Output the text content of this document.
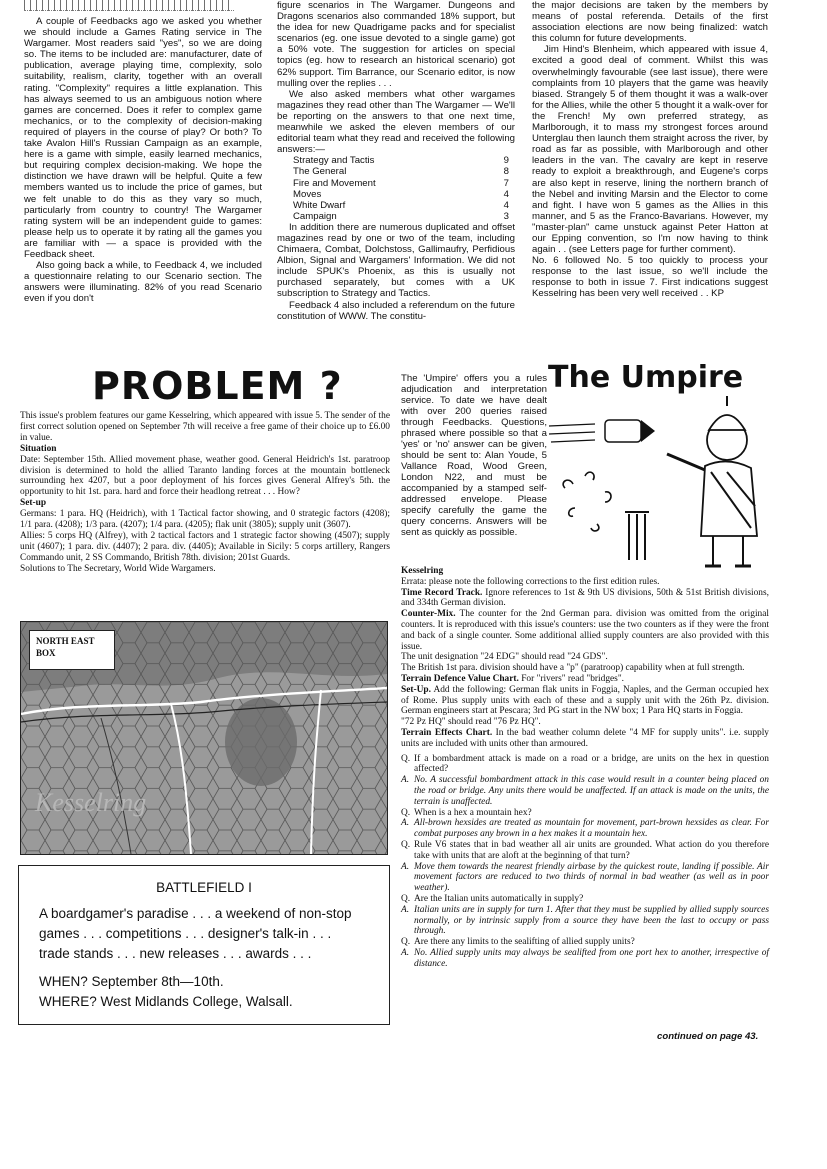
A couple of Feedbacks ago we asked you whether we should include a Games Rating service in The Wargamer. Most readers said "yes", so we are doing so. The items to be included are: manufacturer, date of publication, average playing time, complexity, solo suitability, realism, clarity, together with an overall rating. "Complexity" requires a little explanation. This has always seemed to us an ambiguous notion where games are concerned. Does it refer to complex game mechanics, or to the complexity of decision-making required of players in the course of play? Or both? To take Avalon Hill's Russian Campaign as an example, here is a game with simple, easily learned mechanics, but requiring complex decision-making. We hope the distinction we have drawn will be helpful. Quite a few members wanted us to include the price of games, but we felt unable to do this as they vary so much, particularly from country to country! The Wargamer rating system will be an independent guide to games: please help us to operate it by rating all the games you are familiar with — a space is provided with the Feedback sheet.

Also going back a while, to Feedback 4, we included a questionnaire relating to our Scenario section. The answers were illuminating. 82% of you read Scenario even if you don't

figure scenarios in The Wargamer. Dungeons and Dragons scenarios also commanded 18% support, but the idea for new Quadrigame packs and for specialist scenarios (eg. one issue devoted to a single game) got a 50% vote. The suggestion for articles on special topics (eg. how to research an historical scenario) got 62% support. Tim Barrance, our Scenario editor, is now mulling over the replies . . .

We also asked members what other wargames magazines they read other than The Wargamer — We'll be reporting on the answers to that one next time, meanwhile we asked the eleven members of our editorial team what they read and received the following answers:—

Strategy and Tactis	9
The General	8
Fire and Movement	7
Moves	4
White Dwarf	4
Campaign	3

In addition there are numerous duplicated and offset magazines read by one or two of the team, including Chimaera, Combat, Dolchstoss, Gallimaufry, Perfidious Albion, Signal and Wargamers' Information. We did not include SPUK's Phoenix, as this is usually not purchased separately, but comes with a UK subscription to Strategy and Tactics.

Feedback 4 also included a referendum on the future constitution of WWW. The constitu-

the major decisions are taken by the members by means of postal referenda. Details of the first association elections are now being finalized: watch this column for future developments.

Jim Hind's Blenheim, which appeared with issue 4, excited a good deal of comment. Whilst this was overwhelmingly favourable (see last issue), there were complaints from 10 players that the game was heavily biased. Strangely 5 of them thought it was a walk-over for the Allies, while the other 5 thought it a walk-over for the French! My own preferred strategy, as Marlborough, it to mass my strongest forces around Unterglau then launch them straight across the river, by road as far as possible, with Marlborough and other leaders in the van. The cavalry are kept in reserve ready to exploit a breakthrough, and Eugene's corps are also kept in reserve, lining the northern branch of the Nebel and inviting Marsin and the Elector to come and fight. I have won 5 games as the Allies in this manner, and 5 as the Franco-Bavarians. However, my "master-plan" came unstuck against Peter Hatton at our Epping convention, so I'm now having to think again . . (see Letters page for further comment).

No. 6 followed No. 5 too quickly to process your response to the last issue, so we'll include the response to both in issue 7. First indications suggest Kesselring has been very well received . . KP

PROBLEM ?

This issue's problem features our game Kesselring, which appeared with issue 5. The sender of the first correct solution opened on September 7th will receive a free game of their choice up to £6.00 in value.

Situation

Date: September 15th. Allied movement phase, weather good. General Heidrich's 1st. paratroop division is determined to hold the allied Taranto landing forces at the mountain bottleneck surrounding hex 4207, but a poor deployment of his forces gives General Alfrey's 5th. the opportunity to hit 1st. para. hard and force their headlong retreat . . . How?

Set-up

Germans: 1 para. HQ (Heidrich), with 1 Tactical factor showing, and 0 strategic factors (4208); 1/1 para. (4208); 1/3 para. (4207); 1/4 para. (4205); flak unit (3805); supply unit (3607).

Allies: 5 corps HQ (Alfrey), with 2 tactical factors and 1 strategic factor showing (4507); supply unit (4607); 1 para. div. (4407); 2 para. div. (4405); Available in Sicily: 5 corps artillery, Rangers Commando unit, 2 SS Commando, British 78th. division; 201st Guards.

Solutions to The Secretary, World Wide Wargamers.

NORTH EAST BOX
Kesselring
BATTLEFIELD I
A boardgamer's paradise . . . a weekend of non-stop
games . . . competitions . . . designer's talk-in . . .
trade stands . . . new releases . . . awards . . .
WHEN? September 8th—10th.
WHERE? West Midlands College, Walsall.
The 'Umpire' offers you a rules adjudication and interpretation service. To date we have dealt with over 200 queries raised through Feedbacks. Questions, phrased where possible so that a 'yes' or 'no' answer can be given, should be sent to: Alan Youde, 5 Vallance Road, Wood Green, London N22, and must be accompanied by a stamped self-addressed envelope. Please specify carefully the game the query concerns. Answers will be sent as quickly as possible.
The Umpire

Kesselring

Errata: please note the following corrections to the first edition rules.

Time Record Track. Ignore references to 1st & 9th US divisions, 50th & 51st British divisions, and 334th German division.

Counter-Mix. The counter for the 2nd German para. division was omitted from the original counters. It is reproduced with this issue's counters: use the two counters as if they were the front and back of a single counter. Some additional allied supply counters are also provided with this issue.

The unit designation "24 EDG" should read "24 GDS".

The British 1st para. division should have a "p" (paratroop) capability when at full strength.

Terrain Defence Value Chart. For "rivers" read "bridges".

Set-Up. Add the following: German flak units in Foggia, Naples, and the German occupied hex of Rome. Plus supply units with each of these and a supply unit with the 26th Pz. division. German engineers start at Pescara; 3rd PG start in the NW box; 1 Para HQ starts in Foggia.

"72 Pz HQ" should read "76 Pz HQ".

Terrain Effects Chart. In the bad weather column delete "4 MF for supply units". i.e. supply units are included with units other than armoured.

Q. If a bombardment attack is made on a road or a bridge, are units on the hex in question affected?
A. No. A successful bombardment attack in this case would result in a counter being placed on the road or bridge. Any units there would be unaffected. If an attack is made on the units, the terrain is unaffected.
Q. When is a hex a mountain hex?
A. All-brown hexsides are treated as mountain for movement, part-brown hexsides as clear. For combat purposes any brown in a hex makes it a mountain hex.
Q. Rule V6 states that in bad weather all air units are grounded. What action do you therefore take with units that are aloft at the beginning of that turn?
A. Move them towards the nearest friendly airbase by the quickest route, landing if possible. Air movement factors are reduced to two thirds of normal in bad weather (as well as in poor weather).
Q. Are the Italian units automatically in supply?
A. Italian units are in supply for turn 1. After that they must be supplied by allied supply sources normally, or by intrinsic supply from a source they have been the last to occupy or pass through.
Q. Are there any limits to the sealifting of allied supply units?
A. No. Allied supply units may always be sealifted from one port hex to another, irrespective of distance.
continued on page 43.
